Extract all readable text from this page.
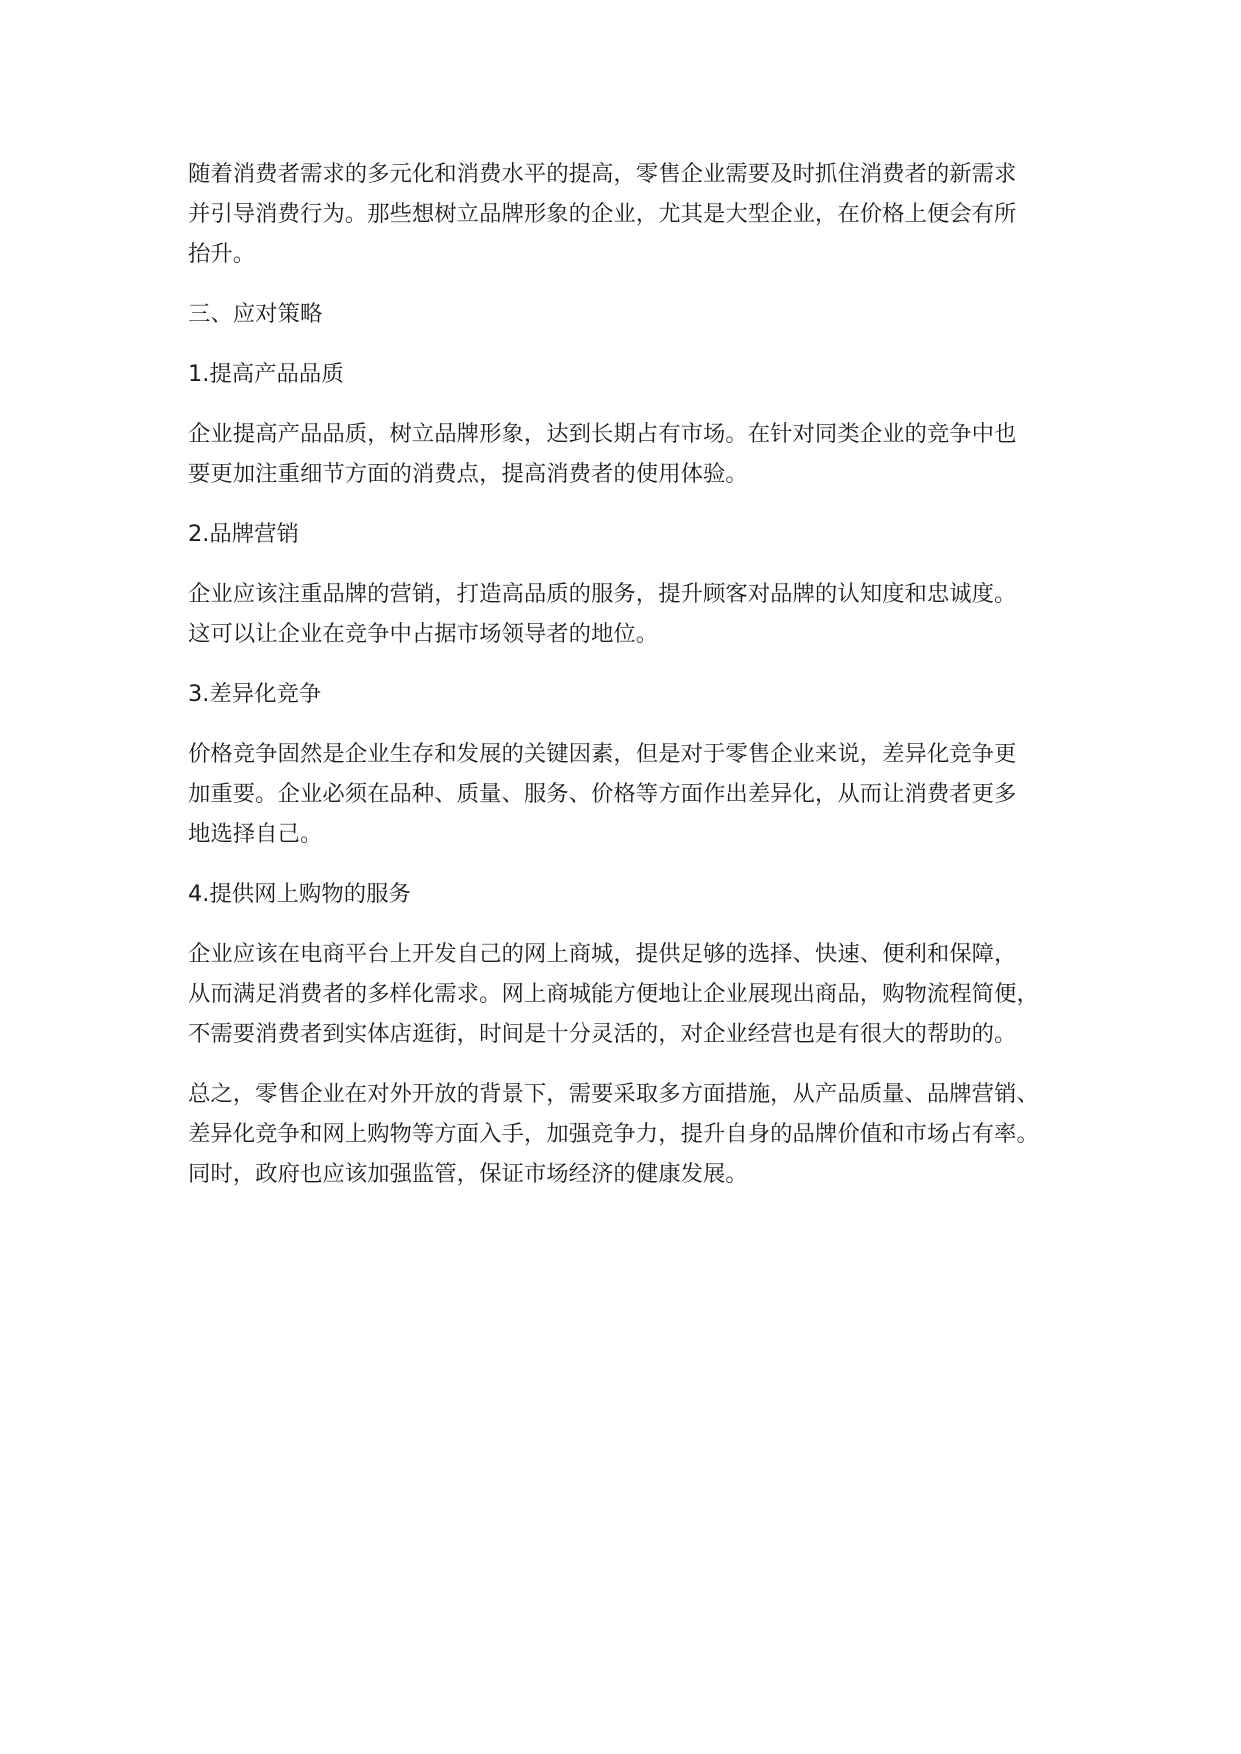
随着消费者需求的多元化和消费水平的提高，零售企业需要及时抓住消费者的新需求
并引导消费行为。那些想树立品牌形象的企业，尤其是大型企业，在价格上便会有所
抬升。
三、应对策略
1.提高产品品质
企业提高产品品质，树立品牌形象，达到长期占有市场。在针对同类企业的竞争中也
要更加注重细节方面的消费点，提高消费者的使用体验。
2.品牌营销
企业应该注重品牌的营销，打造高品质的服务，提升顾客对品牌的认知度和忠诚度。
这可以让企业在竞争中占据市场领导者的地位。
3.差异化竞争
价格竞争固然是企业生存和发展的关键因素，但是对于零售企业来说，差异化竞争更
加重要。企业必须在品种、质量、服务、价格等方面作出差异化，从而让消费者更多
地选择自己。
4.提供网上购物的服务
企业应该在电商平台上开发自己的网上商城，提供足够的选择、快速、便利和保障，
从而满足消费者的多样化需求。网上商城能方便地让企业展现出商品，购物流程简便，
不需要消费者到实体店逛街，时间是十分灵活的，对企业经营也是有很大的帮助的。
总之，零售企业在对外开放的背景下，需要采取多方面措施，从产品质量、品牌营销、
差异化竞争和网上购物等方面入手，加强竞争力，提升自身的品牌价值和市场占有率。
同时，政府也应该加强监管，保证市场经济的健康发展。
